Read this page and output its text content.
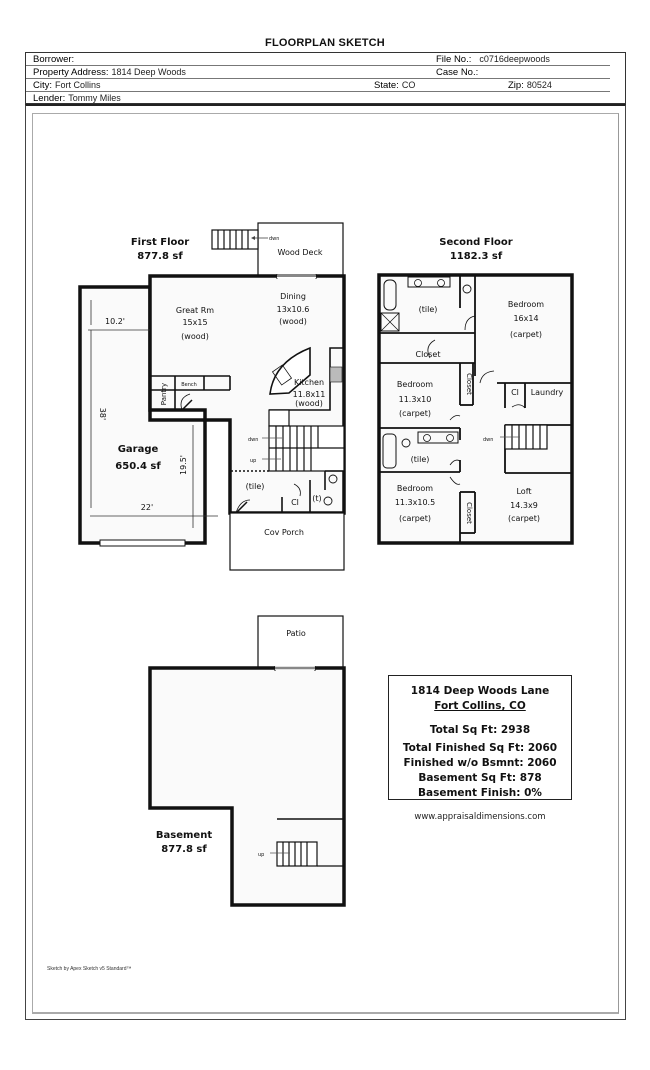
FLOORPLAN SKETCH
Borrower:	File No.: c0716deepwoods
Property Address: 1814 Deep Woods	Case No.:
City: Fort Collins	State: CO	Zip: 80524
Lender: Tommy Miles
First Floor
877.8 sf	Wood Deck
dwn
Great Rm
15x15
(wood)
Dining
13x10.6
(wood)
Kitchen
11.8x11
(wood)
Pantry	Bench
dwn
up
(tile)
Cl (t)
Cov Porch
Garage
650.4 sf
10.2'
38'
19.5'
22'
Second Floor
1182.3 sf
(tile)
Bedroom
16x14
(carpet)
Closet
Bedroom
11.3x10
(carpet)
Closet	Cl Laundry
(tile)
dwn
Bedroom
11.3x10.5
(carpet)	Closet
Loft
14.3x9
(carpet)
Patio
Basement
877.8 sf	up
1814 Deep Woods Lane
Fort Collins, CO
Total Sq Ft: 2938
Total Finished Sq Ft: 2060
Finished w/o Bsmnt: 2060
Basement Sq Ft: 878
Basement Finish: 0%
www.appraisaldimensions.com
Sketch by Apex Sketch v5 Standard™
